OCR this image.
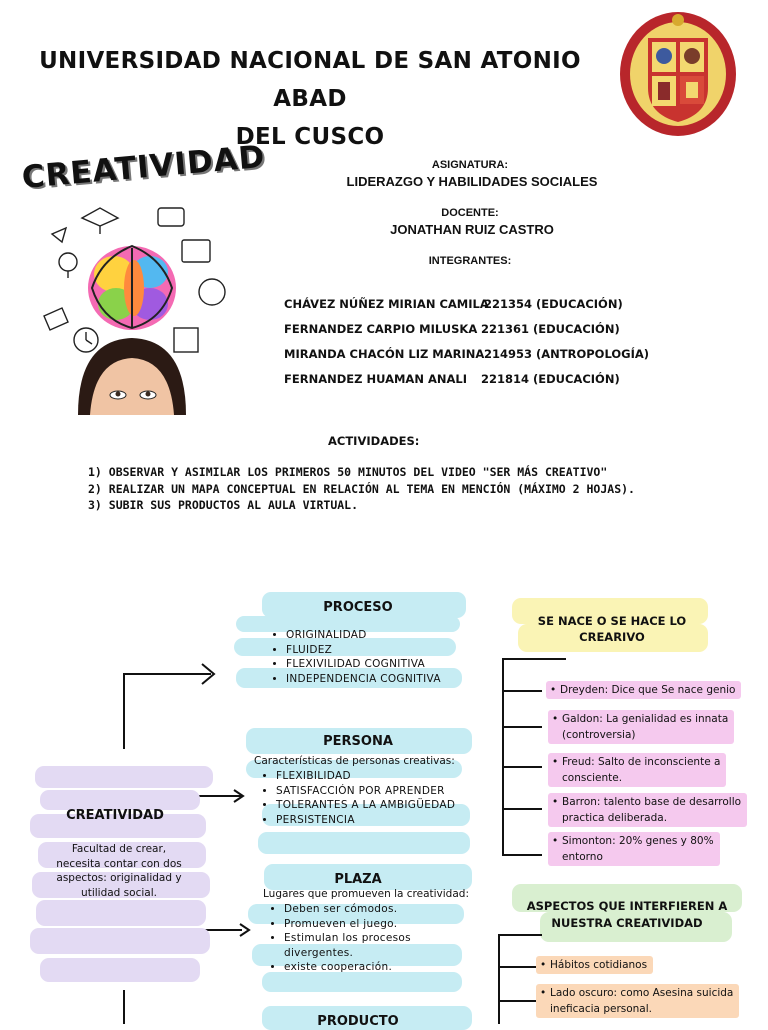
UNIVERSIDAD NACIONAL DE SAN ATONIO ABAD
DEL CUSCO
CREATIVIDAD	ASIGNATURA:
LIDERAZGO Y HABILIDADES SOCIALES
DOCENTE:
JONATHAN RUIZ CASTRO
INTEGRANTES:
CHÁVEZ NÚÑEZ MIRIAN CAMILA
221354 (EDUCACIÓN)
FERNANDEZ CARPIO MILUSKA 221361 (EDUCACIÓN)
MIRANDA CHACÓN LIZ MARINA 214953 (ANTROPOLOGÍA)
FERNANDEZ HUAMAN ANALI 221814 (EDUCACIÓN)
ACTIVIDADES:
1) OBSERVAR Y ASIMILAR LOS PRIMEROS 50 MINUTOS DEL VIDEO "SER MÁS CREATIVO"
2) REALIZAR UN MAPA CONCEPTUAL EN RELACIÓN AL TEMA EN MENCIÓN (MÁXIMO 2 HOJAS).
3) SUBIR SUS PRODUCTOS AL AULA VIRTUAL.
CREATIVIDAD
Facultad de crear, necesita contar con dos aspectos: originalidad y utilidad social.
PROCESO
• ORIGINALIDAD
• FLUIDEZ
• FLEXIVILIDAD COGNITIVA
• INDEPENDENCIA COGNITIVA
PERSONA
Características de personas creativas:
• FLEXIBILIDAD
• SATISFACCIÓN POR APRENDER
• TOLERANTES A LA AMBIGÜEDAD
• PERSISTENCIA
PLAZA
Lugares que promueven la creatividad:
• Deben ser cómodos.
• Promueven el juego.
• Estimulan los procesos divergentes.
• existe cooperación.
PRODUCTO
SE NACE O SE HACE LO
CREARIVO
• Dreyden: Dice que Se nace genio
• Galdon: La genialidad es innata
(controversia)
• Freud: Salto de inconsciente a
consciente.
• Barron: talento base de desarrollo
practica deliberada.
• Simonton: 20% genes y 80%
entorno
ASPECTOS QUE INTERFIEREN A
NUESTRA CREATIVIDAD
• Hábitos cotidianos
• Lado oscuro: como Asesina suicida
ineficacia personal.
